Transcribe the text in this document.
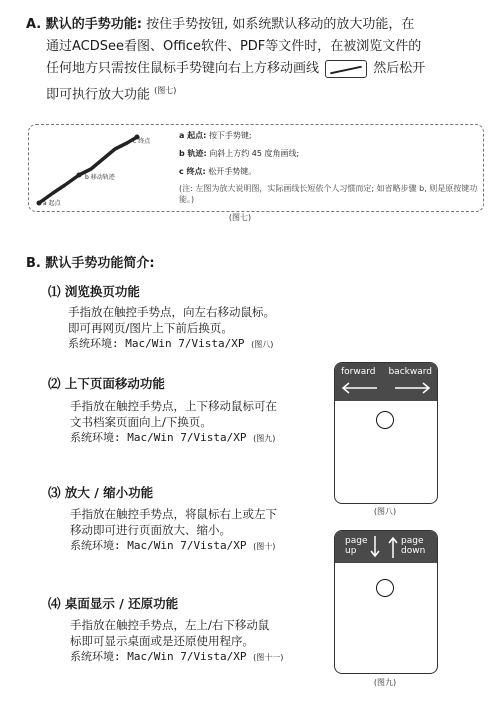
A. 默认的手势功能: 按住手势按钮, 如系统默认移动的放大功能，在
通过ACDSee看图、Office软件、PDF等文件时，在被浏览文件的
任何地方只需按住鼠标手势键向右上方移动画线	然后松开
即可执行放大功能 $^{(图七)}$
c 终点
b 移动轨迹
a 起点
a 起点: 按下手势键;
b 轨迹: 向斜上方约 45 度角画线;
c 终点: 松开手势键。
(注: 左图为放大说明图，实际画线长短依个人习惯而定; 如省略步骤 b, 则是原按键功能。)
(图七)
B. 默认手势功能简介:
⑴ 浏览换页功能
手指放在触控手势点，向左右移动鼠标。
即可再网页/图片上下前后换页。
系统环境: Mac/Win 7/Vista/XP (图八)
⑵ 上下页面移动功能
手指放在触控手势点，上下移动鼠标可在
文书档案页面向上/下换页。
系统环境: Mac/Win 7/Vista/XP (图九)
⑶ 放大 / 缩小功能
手指放在触控手势点，将鼠标右上或左下
移动即可进行页面放大、缩小。
系统环境: Mac/Win 7/Vista/XP (图十)
⑷ 桌面显示 / 还原功能
手指放在触控手势点，左上/右下移动鼠
标即可显示桌面或是还原使用程序。
系统环境: Mac/Win 7/Vista/XP (图十一)
forward backward
(图八)
page up
page down
(图九)
